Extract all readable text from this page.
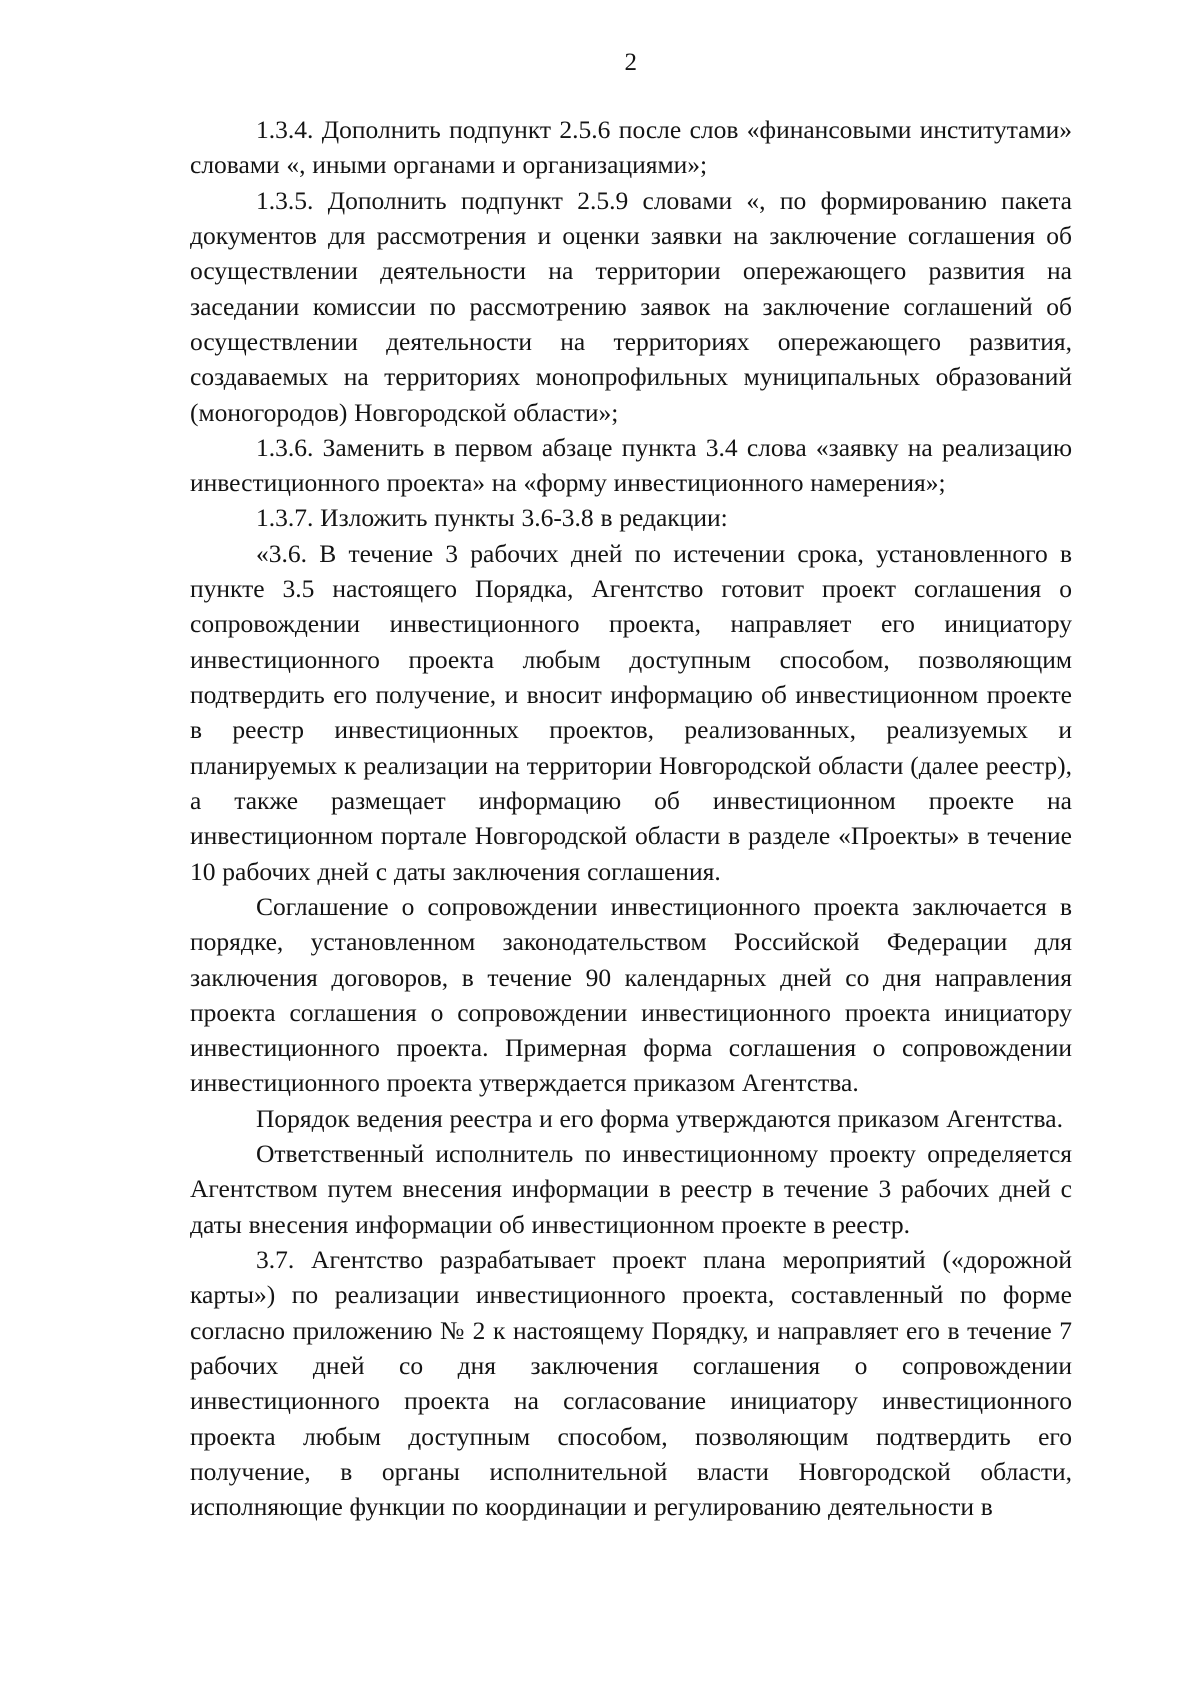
2

1.3.4. Дополнить подпункт 2.5.6 после слов «финансовыми институтами» словами «, иными органами и организациями»;

1.3.5. Дополнить подпункт 2.5.9 словами «, по формированию пакета документов для рассмотрения и оценки заявки на заключение соглашения об осуществлении деятельности на территории опережающего развития на заседании комиссии по рассмотрению заявок на заключение соглашений об осуществлении деятельности на территориях опережающего развития, создаваемых на территориях монопрофильных муниципальных образований (моногородов) Новгородской области»;

1.3.6. Заменить в первом абзаце пункта 3.4 слова «заявку на реализацию инвестиционного проекта» на «форму инвестиционного намерения»;

1.3.7. Изложить пункты 3.6-3.8 в редакции:

«3.6. В течение 3 рабочих дней по истечении срока, установленного в пункте 3.5 настоящего Порядка, Агентство готовит проект соглашения о сопровождении инвестиционного проекта, направляет его инициатору инвестиционного проекта любым доступным способом, позволяющим подтвердить его получение, и вносит информацию об инвестиционном проекте в реестр инвестиционных проектов, реализованных, реализуемых и планируемых к реализации на территории Новгородской области (далее реестр), а также размещает информацию об инвестиционном проекте на инвестиционном портале Новгородской области в разделе «Проекты» в течение 10 рабочих дней с даты заключения соглашения.

Соглашение о сопровождении инвестиционного проекта заключается в порядке, установленном законодательством Российской Федерации для заключения договоров, в течение 90 календарных дней со дня направления проекта соглашения о сопровождении инвестиционного проекта инициатору инвестиционного проекта. Примерная форма соглашения о сопровождении инвестиционного проекта утверждается приказом Агентства.

Порядок ведения реестра и его форма утверждаются приказом Агентства.

Ответственный исполнитель по инвестиционному проекту определяется Агентством путем внесения информации в реестр в течение 3 рабочих дней с даты внесения информации об инвестиционном проекте в реестр.

3.7. Агентство разрабатывает проект плана мероприятий («дорожной карты») по реализации инвестиционного проекта, составленный по форме согласно приложению № 2 к настоящему Порядку, и направляет его в течение 7 рабочих дней со дня заключения соглашения о сопровождении инвестиционного проекта на согласование инициатору инвестиционного проекта любым доступным способом, позволяющим подтвердить его получение, в органы исполнительной власти Новгородской области, исполняющие функции по координации и регулированию деятельности в
